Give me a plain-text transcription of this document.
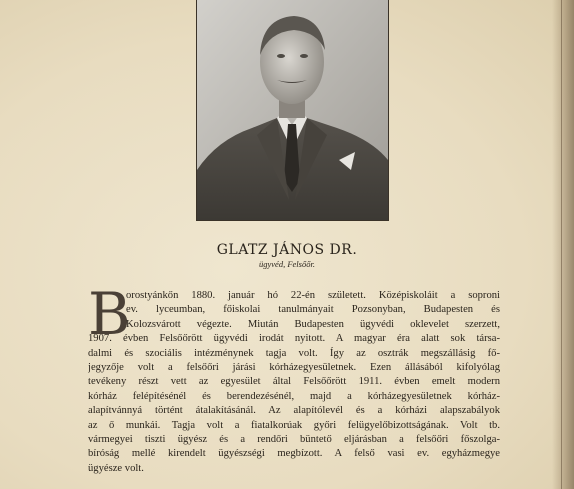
GLATZ JÁNOS DR.
ügyvéd, Felsőőr.
B
orostyánkőn 1880. január hó 22-én született. Középiskoláit a soproni
ev. lyceumban, főiskolai tanulmányait Pozsonyban, Budapesten és
Kolozsvárott végezte. Miután Budapesten ügyvédi oklevelet szerzett,
1907. évben Felsőőrött ügyvédi irodát nyitott. A magyar éra alatt sok társa-
dalmi és szociális intézménynek tagja volt. Így az osztrák megszállásig fő-
jegyzője volt a felsőőri járási kórházegyesületnek. Ezen állásából kifolyólag
tevékeny részt vett az egyesület által Felsőőrött 1911. évben emelt modern
kórház felépítésénél és berendezésénél, majd a kórházegyesületnek kórház-
alapítvánnyá történt átalakításánál. Az alapítólevél és a kórházi alapszabályok
az ő munkái. Tagja volt a fiatalkorúak győri felügyelőbizottságának. Volt tb.
vármegyei tiszti ügyész és a rendőri büntető eljárásban a felsőőri főszolga-
bíróság mellé kirendelt ügyészségi megbízott. A felső vasi ev. egyházmegye
ügyésze volt.
